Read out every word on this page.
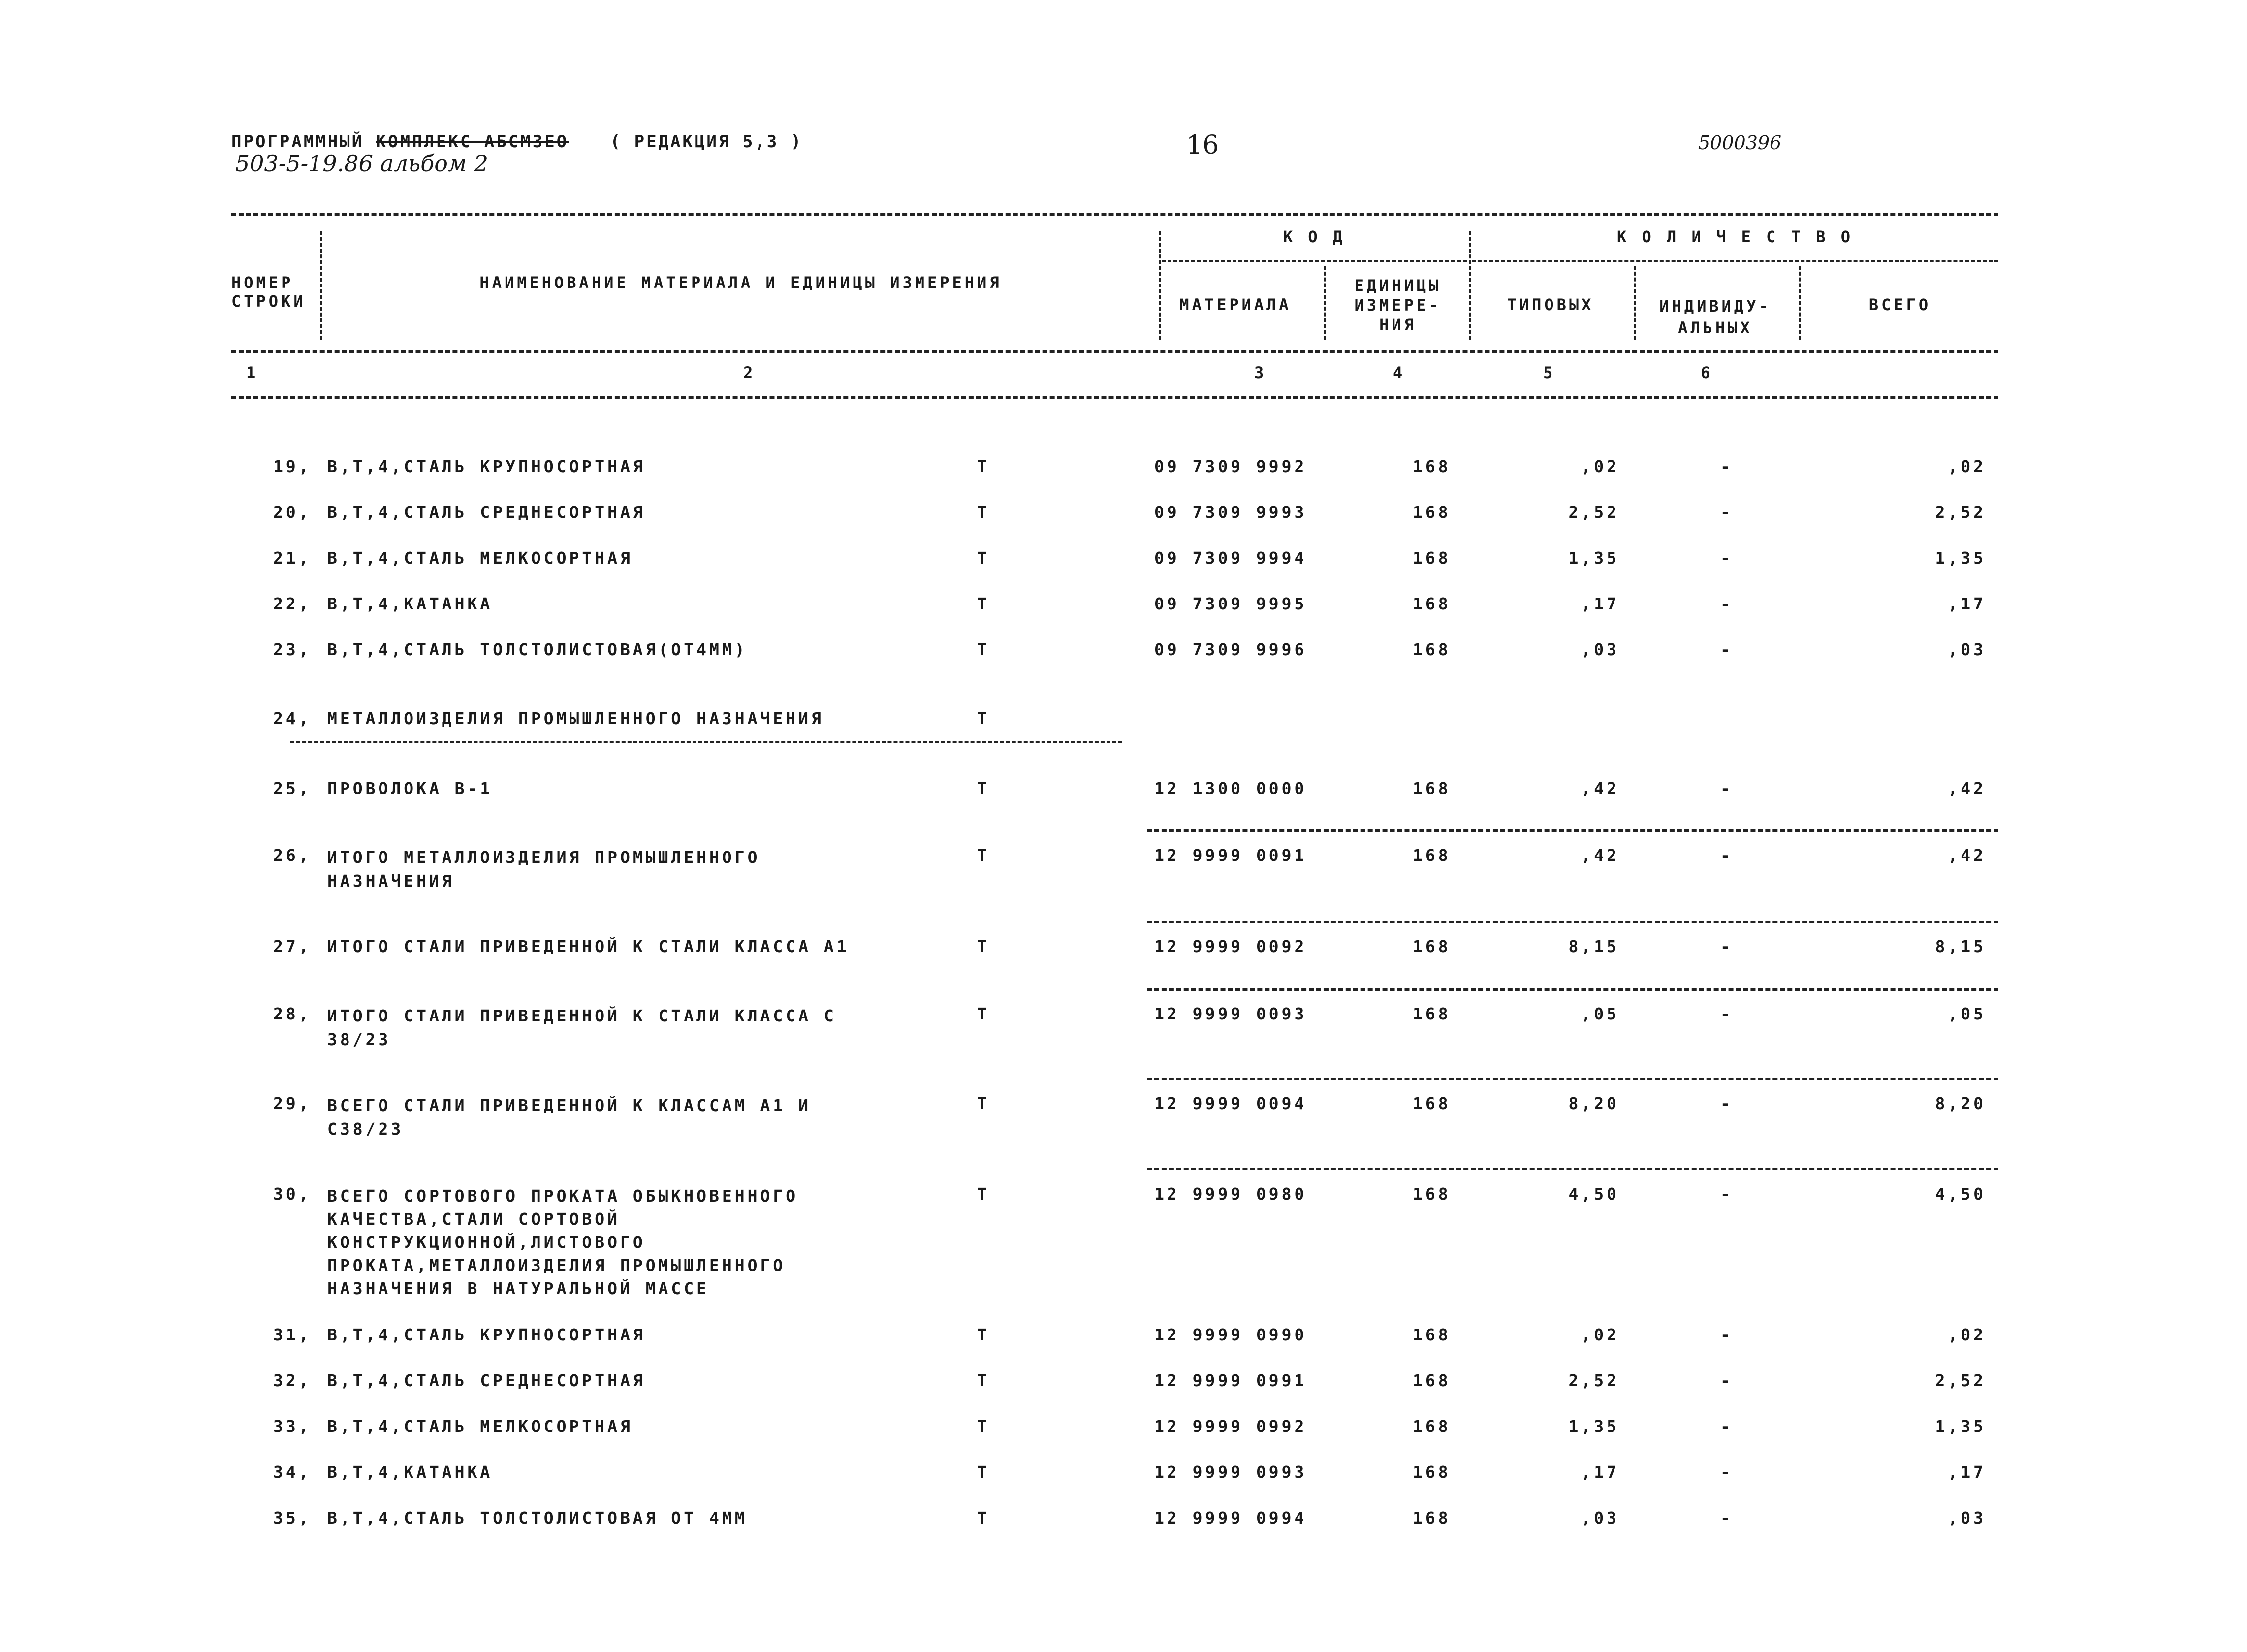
ПРОГРАММНЫЙ КОМПЛЕКС АБСМЗЕО ( РЕДАКЦИЯ 5,3 )
503-5-19.86 альбом 2
16	5000396
НОМЕР
СТРОКИ
НАИМЕНОВАНИЕ МАТЕРИАЛА И ЕДИНИЦЫ ИЗМЕРЕНИЯ
К О Д	К О Л И Ч Е С Т В О
МАТЕРИАЛА
ЕДИНИЦЫ
ИЗМЕРЕ-
НИЯ
ТИПОВЫХ	ИНДИВИДУ-
АЛЬНЫХ
ВСЕГО
1	2	3	4	5	6
19, В,Т,4,СТАЛЬ КРУПНОСОРТНАЯ	Т	09 7309 9992	168	,02	-	,02
20, В,Т,4,СТАЛЬ СРЕДНЕСОРТНАЯ	Т	09 7309 9993	168	2,52	-	2,52
21, В,Т,4,СТАЛЬ МЕЛКОСОРТНАЯ	Т	09 7309 9994	168	1,35	-	1,35
22, В,Т,4,КАТАНКА	Т	09 7309 9995	168	,17	-	,17
23, В,Т,4,СТАЛЬ ТОЛСТОЛИСТОВАЯ(ОТ4ММ)	Т	09 7309 9996	168	,03	-	,03
24, МЕТАЛЛОИЗДЕЛИЯ ПРОМЫШЛЕННОГО НАЗНАЧЕНИЯ	Т
25, ПРОВОЛОКА В-1	Т	12 1300 0000	168	,42	-	,42
26, ИТОГО МЕТАЛЛОИЗДЕЛИЯ ПРОМЫШЛЕННОГО
НАЗНАЧЕНИЯ
Т	12 9999 0091	168	,42	-	,42
27, ИТОГО СТАЛИ ПРИВЕДЕННОЙ К СТАЛИ КЛАССА А1	Т	12 9999 0092	168	8,15	-	8,15
28, ИТОГО СТАЛИ ПРИВЕДЕННОЙ К СТАЛИ КЛАССА С
38/23
Т	12 9999 0093	168	,05	-	,05
29, ВСЕГО СТАЛИ ПРИВЕДЕННОЙ К КЛАССАМ А1 И
С38/23
Т	12 9999 0094	168	8,20	-	8,20
30, ВСЕГО СОРТОВОГО ПРОКАТА ОБЫКНОВЕННОГО
КАЧЕСТВА,СТАЛИ СОРТОВОЙ
КОНСТРУКЦИОННОЙ,ЛИСТОВОГО
ПРОКАТА,МЕТАЛЛОИЗДЕЛИЯ ПРОМЫШЛЕННОГО
НАЗНАЧЕНИЯ В НАТУРАЛЬНОЙ МАССЕ
Т	12 9999 0980	168	4,50	-	4,50
31, В,Т,4,СТАЛЬ КРУПНОСОРТНАЯ	Т	12 9999 0990	168	,02	-	,02
32, В,Т,4,СТАЛЬ СРЕДНЕСОРТНАЯ	Т	12 9999 0991	168	2,52	-	2,52
33, В,Т,4,СТАЛЬ МЕЛКОСОРТНАЯ	Т	12 9999 0992	168	1,35	-	1,35
34, В,Т,4,КАТАНКА	Т	12 9999 0993	168	,17	-	,17
35, В,Т,4,СТАЛЬ ТОЛСТОЛИСТОВАЯ ОТ 4ММ	Т	12 9999 0994	168	,03	-	,03
